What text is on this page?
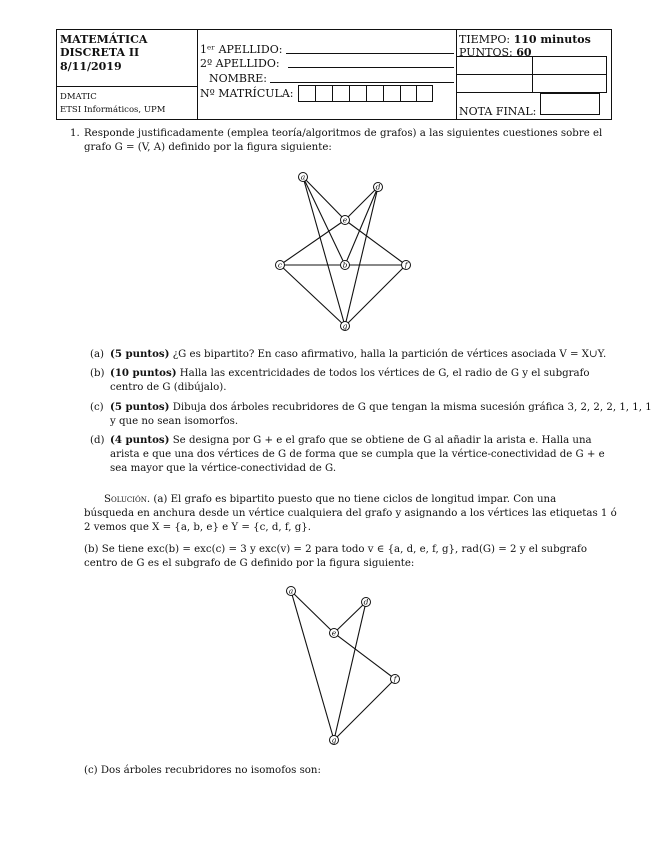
MATEMÁTICA
DISCRETA II
8/11/2019
DMATIC
ETSI Informáticos, UPM
1ᵉʳ APELLIDO:
2º APELLIDO:
NOMBRE:
Nº MATRÍCULA:
TIEMPO: 110 minutos
PUNTOS: 60
NOTA FINAL:
1. Responde justificadamente (emplea teoría/algoritmos de grafos) a las siguientes cuestiones sobre el
grafo G = (V, A) definido por la figura siguiente:
a
d
e
c	b	f
g
(a) (5 puntos) ¿G es bipartito? En caso afirmativo, halla la partición de vértices asociada V = X∪Y.
(b) (10 puntos) Halla las excentricidades de todos los vértices de G, el radio de G y el subgrafo
centro de G (dibújalo).
(c) (5 puntos) Dibuja dos árboles recubridores de G que tengan la misma sucesión gráfica 3, 2, 2, 2, 1, 1, 1
y que no sean isomorfos.
(d) (4 puntos) Se designa por G + e el grafo que se obtiene de G al añadir la arista e. Halla una
arista e que una dos vértices de G de forma que se cumpla que la vértice-conectividad de G + e
sea mayor que la vértice-conectividad de G.
Solución. (a) El grafo es bipartito puesto que no tiene ciclos de longitud impar. Con una
búsqueda en anchura desde un vértice cualquiera del grafo y asignando a los vértices las etiquetas 1 ó
2 vemos que X = {a, b, e} e Y = {c, d, f, g}.
(b) Se tiene exc(b) = exc(c) = 3 y exc(v) = 2 para todo v ∈ {a, d, e, f, g}, rad(G) = 2 y el subgrafo
centro de G es el subgrafo de G definido por la figura siguiente:
a
d
e
f
g
(c) Dos árboles recubridores no isomofos son:
